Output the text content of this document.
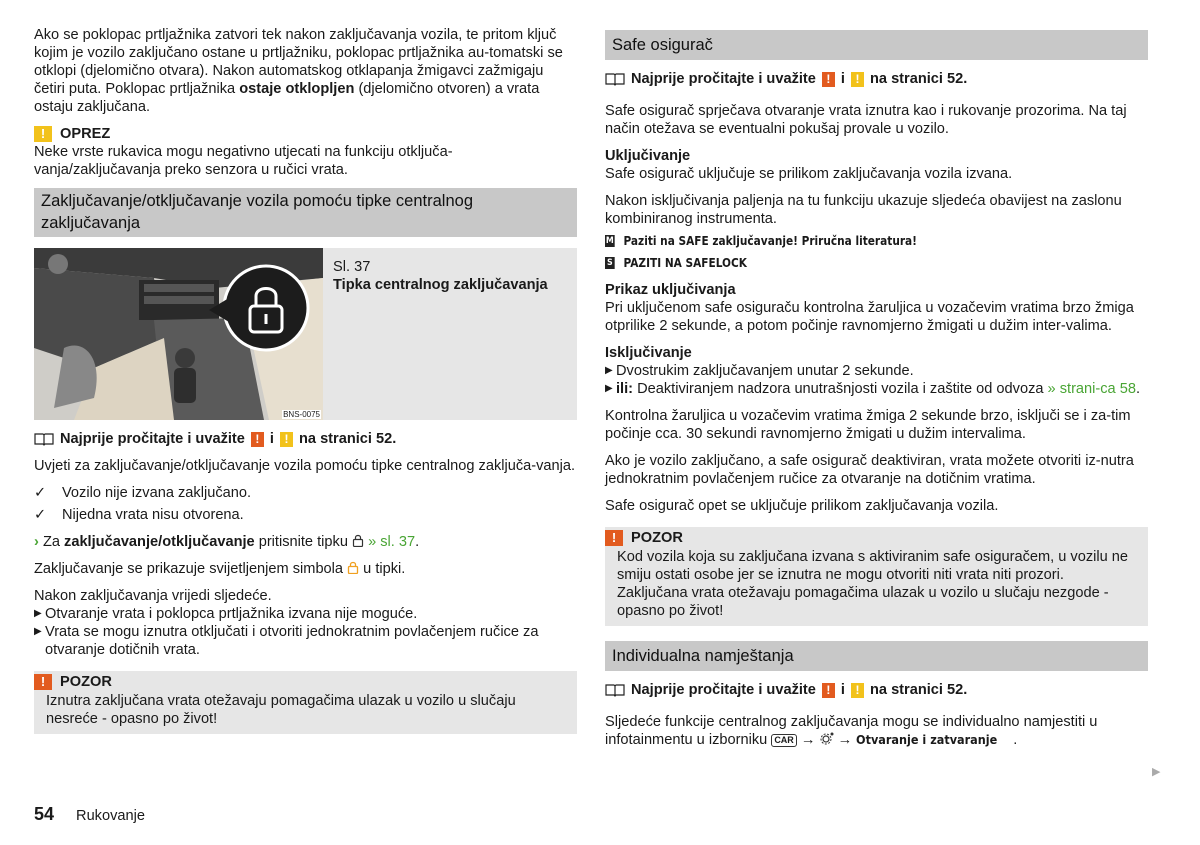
Ako se poklopac prtljažnika zatvori tek nakon zaključavanja vozila, te pritom ključ kojim je vozilo zaključano ostane u prtljažniku, poklopac prtljažnika au-tomatski se otklopi (djelomično otvara). Nakon automatskog otklapanja žmigavci zažmigaju četiri puta. Poklopac prtljažnika ostaje otkloplјen (djelomično otvoren) a vrata ostaju zaključana.

!	OPREZ
Neke vrste rukavica mogu negativno utjecati na funkciju otključa-vanja/zaključavanja preko senzora u ručici vrata.
Zaključavanje/otključavanje vozila pomoću tipke centralnog zaključavanja
BNS-0075
Sl. 37
Tipka centralnog zaključavanja
Najprije pročitajte i uvažite ! i ! na stranici 52.

Uvjeti za zaključavanje/otključavanje vozila pomoću tipke centralnog zaključa-vanja.

✓	Vozilo nije izvana zaključano.
✓	Nijedna vrata nisu otvorena.

› Za zaključavanje/otključavanje pritisnite tipku  » sl. 37.

Zaključavanje se prikazuje svijetljenjem simbola  u tipki.

Nakon zaključavanja vrijedi sljedeće.

▶ Otvaranje vrata i poklopca prtljažnika izvana nije moguće.
▶ Vrata se mogu iznutra otključati i otvoriti jednokratnim povlačenjem ručice za otvaranje dotičnih vrata.
!	POZOR
Iznutra zaključana vrata otežavaju pomagačima ulazak u vozilo u slučaju nesreće - opasno po život!
Safe osigurač
Najprije pročitajte i uvažite ! i ! na stranici 52.

Safe osigurač sprječava otvaranje vrata iznutra kao i rukovanje prozorima. Na taj način otežava se eventualni pokušaj provale u vozilo.

Uključivanje

Safe osigurač uključuje se prilikom zaključavanja vozila izvana.

Nakon isključivanja paljenja na tu funkciju ukazuje sljedeća obavijest na zaslonu kombiniranog instrumenta.

M Paziti na SAFE zaključavanje! Priručna literatura!
S PAZITI NA SAFELOCK

Prikaz uključivanja

Pri uključenom safe osiguraču kontrolna žaruljica u vozačevim vratima brzo žmiga otprilike 2 sekunde, a potom počinje ravnomjerno žmigati u dužim inter-valima.

Isključivanje

▶ Dvostrukim zaključavanjem unutar 2 sekunde.
▶ ili: Deaktiviranjem nadzora unutrašnjosti vozila i zaštite od odvoza » strani-ca 58.

Kontrolna žaruljica u vozačevim vratima žmiga 2 sekunde brzo, isključi se i za-tim počinje cca. 30 sekundi ravnomjerno žmigati u dužim intervalima.

Ako je vozilo zaključano, a safe osigurač deaktiviran, vrata možete otvoriti iz-nutra jednokratnim povlačenjem ručice za otvaranje na dotičnim vratima.

Safe osigurač opet se uključuje prilikom zaključavanja vozila.

!	POZOR
Kod vozila koja su zaključana izvana s aktiviranim safe osiguračem, u vozilu ne smiju ostati osobe jer se iznutra ne mogu otvoriti niti vrata niti prozori. Zaključana vrata otežavaju pomagačima ulazak u vozilo u slučaju nezgode - opasno po život!
Individualna namještanja
Najprije pročitajte i uvažite ! i ! na stranici 52.

Sljedeće funkcije centralnog zaključavanja mogu se individualno namjestiti u infotainmentu u izborniku CAR → → Otvaranje i zatvaranje .

▶
54 Rukovanje
